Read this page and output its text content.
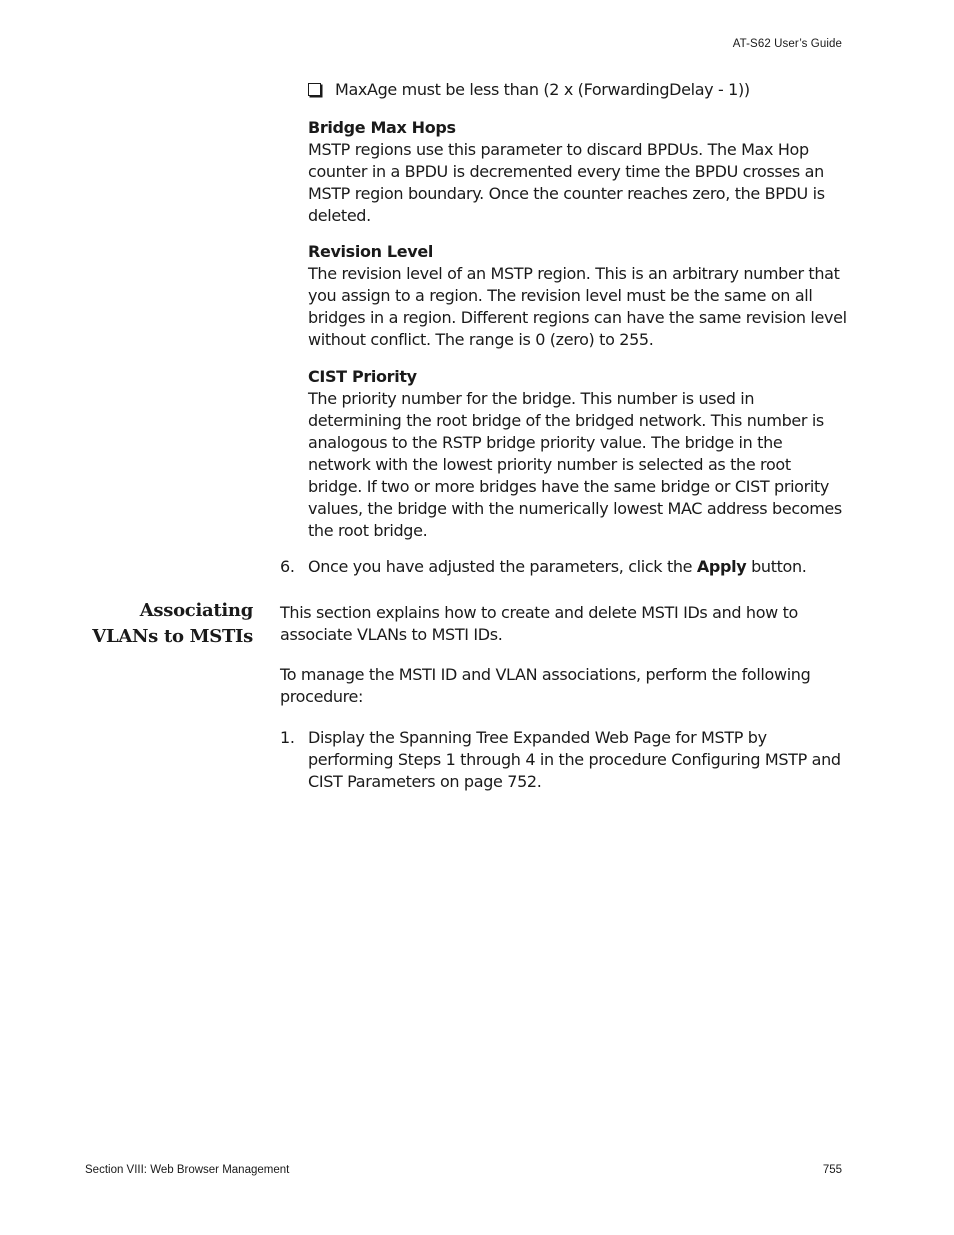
AT-S62 User’s Guide
MaxAge must be less than (2 x (ForwardingDelay - 1))
Bridge Max Hops
MSTP regions use this parameter to discard BPDUs. The Max Hop counter in a BPDU is decremented every time the BPDU crosses an MSTP region boundary. Once the counter reaches zero, the BPDU is deleted.
Revision Level
The revision level of an MSTP region. This is an arbitrary number that you assign to a region. The revision level must be the same on all bridges in a region. Different regions can have the same revision level without conflict. The range is 0 (zero) to 255.
CIST Priority
The priority number for the bridge. This number is used in determining the root bridge of the bridged network. This number is analogous to the RSTP bridge priority value. The bridge in the network with the lowest priority number is selected as the root bridge. If two or more bridges have the same bridge or CIST priority values, the bridge with the numerically lowest MAC address becomes the root bridge.
6. Once you have adjusted the parameters, click the Apply button.
Associating
VLANs to MSTIs
This section explains how to create and delete MSTI IDs and how to associate VLANs to MSTI IDs.
To manage the MSTI ID and VLAN associations, perform the following procedure:
1. Display the Spanning Tree Expanded Web Page for MSTP by performing Steps 1 through 4 in the procedure Configuring MSTP and CIST Parameters on page 752.
Section VIII: Web Browser Management	755
